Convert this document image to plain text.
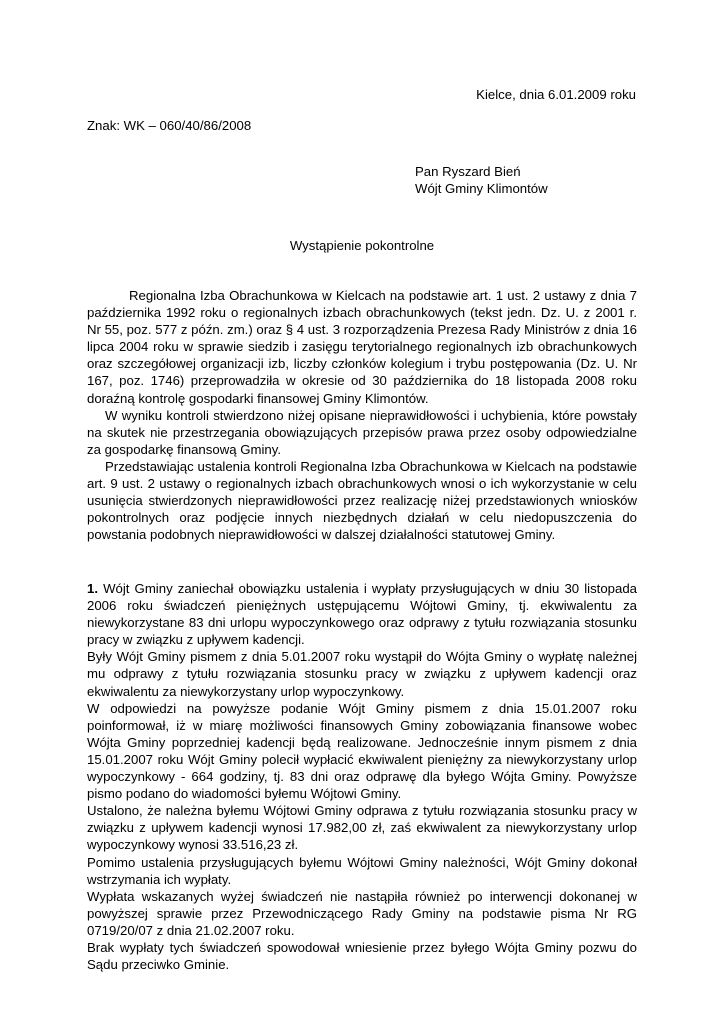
Kielce, dnia 6.01.2009 roku
Znak: WK – 060/40/86/2008
Pan Ryszard Bień
Wójt Gminy Klimontów
Wystąpienie pokontrolne

Regionalna Izba Obrachunkowa w Kielcach na podstawie art. 1 ust. 2 ustawy z dnia 7 października 1992 roku o regionalnych izbach obrachunkowych (tekst jedn. Dz. U. z 2001 r. Nr 55, poz. 577 z późn. zm.) oraz § 4 ust. 3 rozporządzenia Prezesa Rady Ministrów z dnia 16 lipca 2004 roku w sprawie siedzib i zasięgu terytorialnego regionalnych izb obrachunkowych oraz szczegółowej organizacji izb, liczby członków kolegium i trybu postępowania (Dz. U. Nr 167, poz. 1746) przeprowadziła w okresie od 30 października do 18 listopada 2008 roku doraźną kontrolę gospodarki finansowej Gminy Klimontów.

W wyniku kontroli stwierdzono niżej opisane nieprawidłowości i uchybienia, które powstały na skutek nie przestrzegania obowiązujących przepisów prawa przez osoby odpowiedzialne za gospodarkę finansową Gminy.

Przedstawiając ustalenia kontroli Regionalna Izba Obrachunkowa w Kielcach na podstawie art. 9 ust. 2 ustawy o regionalnych izbach obrachunkowych wnosi o ich wykorzystanie w celu usunięcia stwierdzonych nieprawidłowości przez realizację niżej przedstawionych wniosków pokontrolnych oraz podjęcie innych niezbędnych działań w celu niedopuszczenia do powstania podobnych nieprawidłowości w dalszej działalności statutowej Gminy.

1. Wójt Gminy zaniechał obowiązku ustalenia i wypłaty przysługujących w dniu 30 listopada 2006 roku świadczeń pieniężnych ustępującemu Wójtowi Gminy, tj. ekwiwalentu za niewykorzystane 83 dni urlopu wypoczynkowego oraz odprawy z tytułu rozwiązania stosunku pracy w związku z upływem kadencji.

Były Wójt Gminy pismem z dnia 5.01.2007 roku wystąpił do Wójta Gminy o wypłatę należnej mu odprawy z tytułu rozwiązania stosunku pracy w związku z upływem kadencji oraz ekwiwalentu za niewykorzystany urlop wypoczynkowy.

W odpowiedzi na powyższe podanie Wójt Gminy pismem z dnia 15.01.2007 roku poinformował, iż w miarę możliwości finansowych Gminy zobowiązania finansowe wobec Wójta Gminy poprzedniej kadencji będą realizowane. Jednocześnie innym pismem z dnia 15.01.2007 roku Wójt Gminy polecił wypłacić ekwiwalent pieniężny za niewykorzystany urlop wypoczynkowy - 664 godziny, tj. 83 dni oraz odprawę dla byłego Wójta Gminy. Powyższe pismo podano do wiadomości byłemu Wójtowi Gminy.

Ustalono, że należna byłemu Wójtowi Gminy odprawa z tytułu rozwiązania stosunku pracy w związku z upływem kadencji wynosi 17.982,00 zł, zaś ekwiwalent za niewykorzystany urlop wypoczynkowy wynosi 33.516,23 zł.

Pomimo ustalenia przysługujących byłemu Wójtowi Gminy należności, Wójt Gminy dokonał wstrzymania ich wypłaty.

Wypłata wskazanych wyżej świadczeń nie nastąpiła również po interwencji dokonanej w powyższej sprawie przez Przewodniczącego Rady Gminy na podstawie pisma Nr RG 0719/20/07 z dnia 21.02.2007 roku.

Brak wypłaty tych świadczeń spowodował wniesienie przez byłego Wójta Gminy pozwu do Sądu przeciwko Gminie.
